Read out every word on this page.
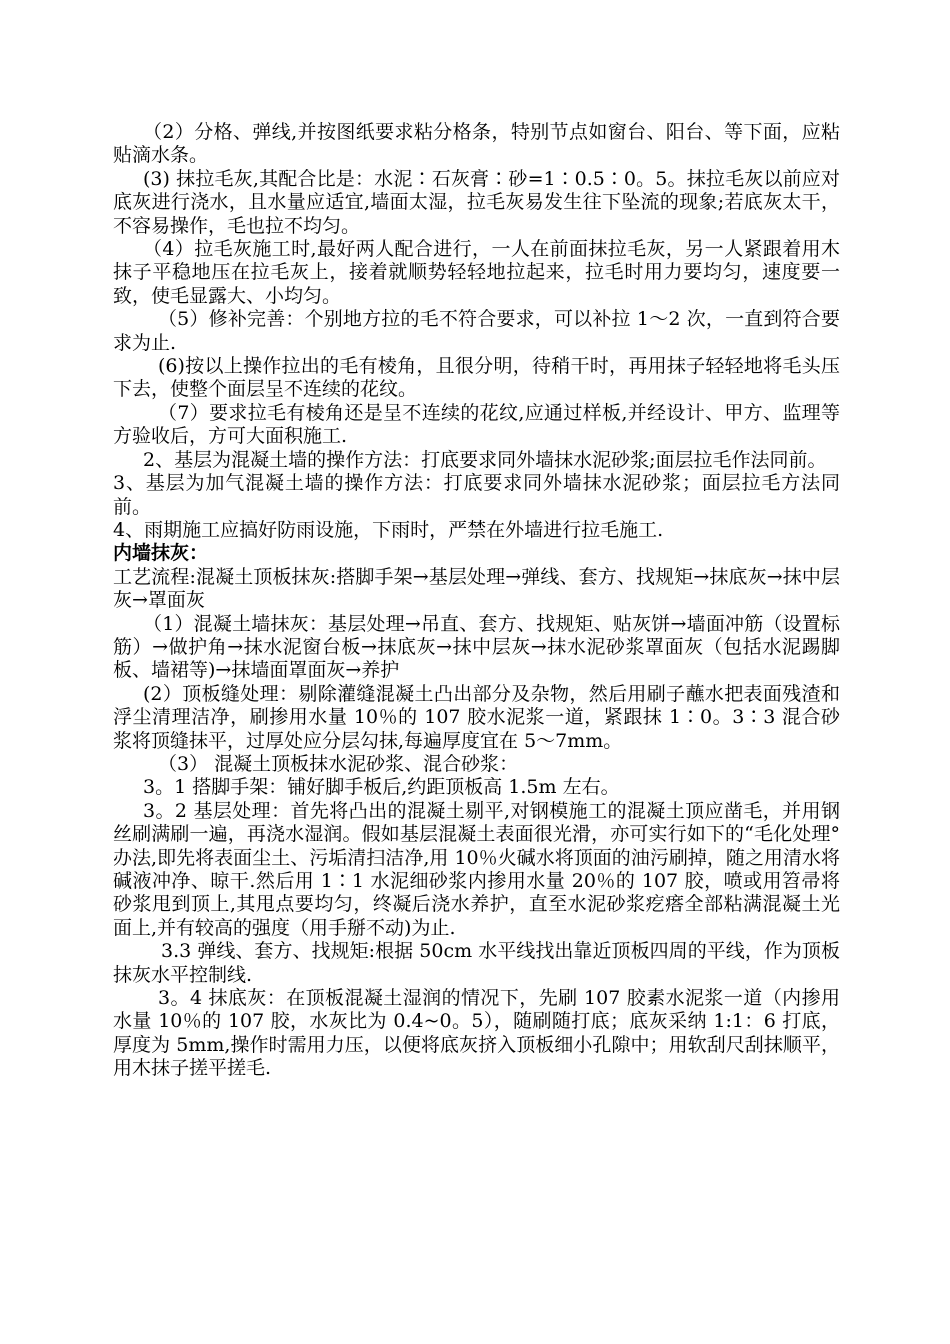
（2）分格、弹线,并按图纸要求粘分格条，特别节点如窗台、阳台、等下面，应粘贴滴水条。

(3) 抹拉毛灰,其配合比是：水泥∶石灰膏∶砂=1∶0.5∶0。5。抹拉毛灰以前应对底灰进行浇水，且水量应适宜,墙面太湿，拉毛灰易发生往下坠流的现象;若底灰太干，不容易操作，毛也拉不均匀。

（4）拉毛灰施工时,最好两人配合进行，一人在前面抹拉毛灰，另一人紧跟着用木抹子平稳地压在拉毛灰上，接着就顺势轻轻地拉起来，拉毛时用力要均匀，速度要一致，使毛显露大、小均匀。

（5）修补完善：个别地方拉的毛不符合要求，可以补拉 1～2 次，一直到符合要求为止.

(6)按以上操作拉出的毛有棱角，且很分明，待稍干时，再用抹子轻轻地将毛头压下去，使整个面层呈不连续的花纹。

（7）要求拉毛有棱角还是呈不连续的花纹,应通过样板,并经设计、甲方、监理等方验收后，方可大面积施工.

2、基层为混凝土墙的操作方法：打底要求同外墙抹水泥砂浆;面层拉毛作法同前。

3、基层为加气混凝土墙的操作方法：打底要求同外墙抹水泥砂浆；面层拉毛方法同前。

4、雨期施工应搞好防雨设施，下雨时，严禁在外墙进行拉毛施工.

内墙抹灰：

工艺流程:混凝土顶板抹灰:搭脚手架→基层处理→弹线、套方、找规矩→抹底灰→抹中层灰→罩面灰

（1）混凝土墙抹灰：基层处理→吊直、套方、找规矩、贴灰饼→墙面冲筋（设置标筋）→做护角→抹水泥窗台板→抹底灰→抹中层灰→抹水泥砂浆罩面灰（包括水泥踢脚板、墙裙等)→抹墙面罩面灰→养护

(2）顶板缝处理：剔除灌缝混凝土凸出部分及杂物，然后用刷子蘸水把表面残渣和浮尘清理洁净，刷掺用水量 10％的 107 胶水泥浆一道，紧跟抹 1∶0。3∶3 混合砂浆将顶缝抹平，过厚处应分层勾抹,每遍厚度宜在 5～7mm。

（3） 混凝土顶板抹水泥砂浆、混合砂浆：

3。1 搭脚手架：铺好脚手板后,约距顶板高 1.5m 左右。

3。2 基层处理：首先将凸出的混凝土剔平,对钢模施工的混凝土顶应凿毛，并用钢丝刷满刷一遍，再浇水湿润。假如基层混凝土表面很光滑，亦可实行如下的“毛化处理°办法,即先将表面尘土、污垢清扫洁净,用 10％火碱水将顶面的油污刷掉，随之用清水将碱液冲净、晾干.然后用 1∶1 水泥细砂浆内掺用水量 20％的 107 胶，喷或用笤帚将砂浆甩到顶上,其甩点要均匀，终凝后浇水养护，直至水泥砂浆疙瘩全部粘满混凝土光面上,并有较高的强度（用手掰不动)为止.

3.3 弹线、套方、找规矩:根据 50cm 水平线找出靠近顶板四周的平线，作为顶板抹灰水平控制线.

3。4 抹底灰：在顶板混凝土湿润的情况下，先刷 107 胶素水泥浆一道（内掺用水量 10％的 107 胶，水灰比为 0.4~0。5），随刷随打底；底灰采纳 1:1：6 打底，厚度为 5mm,操作时需用力压，以便将底灰挤入顶板细小孔隙中；用软刮尺刮抹顺平，用木抹子搓平搓毛.
